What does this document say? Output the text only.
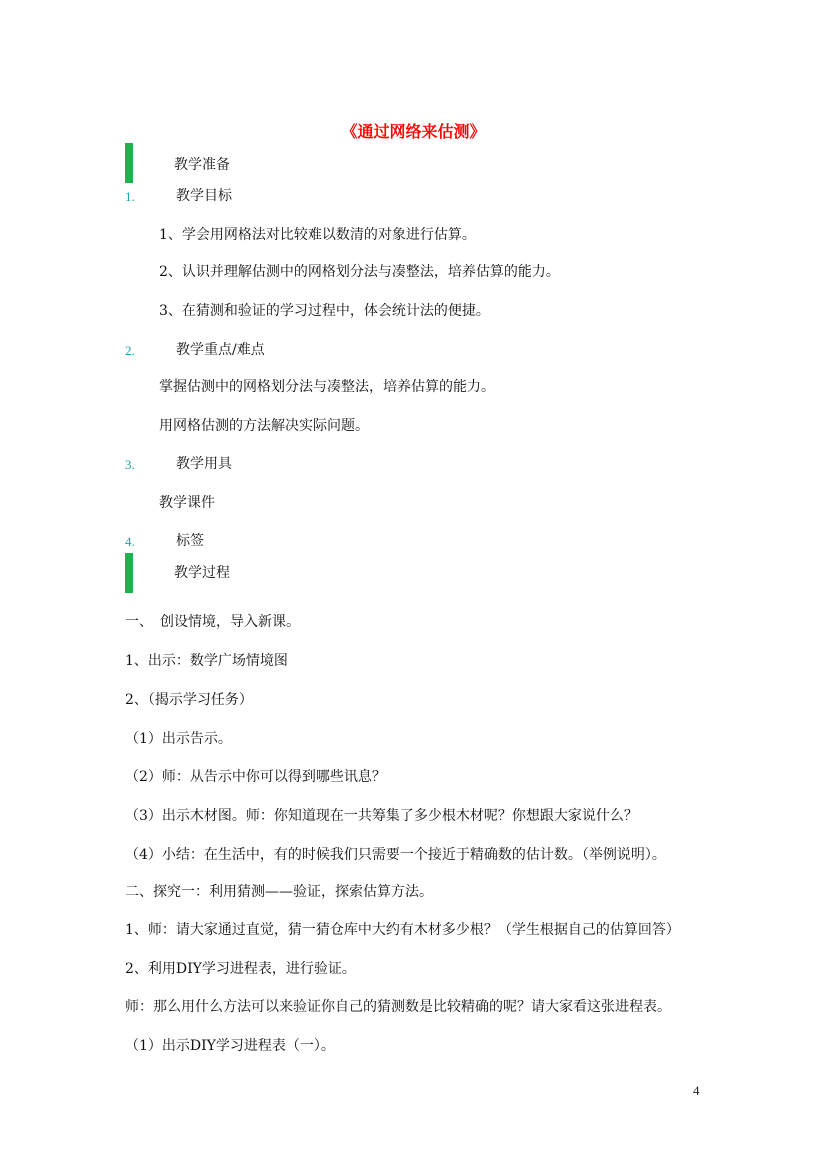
《通过网络来估测》
教学准备
1.	教学目标
1、学会用网格法对比较难以数清的对象进行估算。
2、认识并理解估测中的网格划分法与凑整法，培养估算的能力。
3、在猜测和验证的学习过程中，体会统计法的便捷。
2.	教学重点/难点
掌握估测中的网格划分法与凑整法，培养估算的能力。
用网格估测的方法解决实际问题。
3.	教学用具
教学课件
4.	标签
教学过程
一、　创设情境，导入新课。
1、出示：数学广场情境图
2、（揭示学习任务）
（1）出示告示。
（2）师：从告示中你可以得到哪些讯息？
（3）出示木材图。师：你知道现在一共筹集了多少根木材呢？你想跟大家说什么？
（4）小结：在生活中，有的时候我们只需要一个接近于精确数的估计数。（举例说明）。
二、探究一：利用猜测——验证，探索估算方法。
1、师：请大家通过直觉，猜一猜仓库中大约有木材多少根？（学生根据自己的估算回答）
2、利用DIY学习进程表，进行验证。
师：那么用什么方法可以来验证你自己的猜测数是比较精确的呢？请大家看这张进程表。
（1）出示DIY学习进程表（一）。
4
